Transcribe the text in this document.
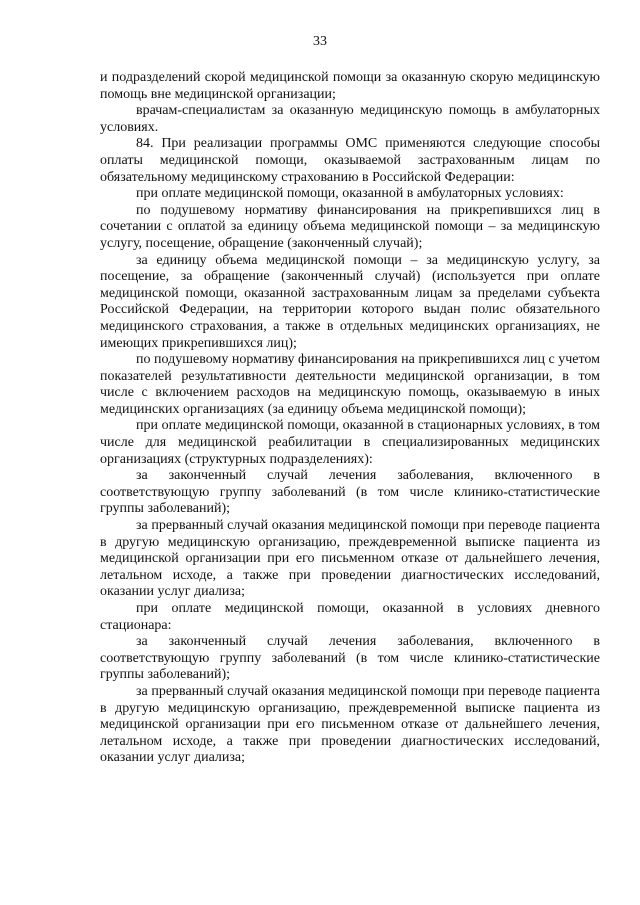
33

и подразделений скорой медицинской помощи за оказанную скорую медицинскую помощь вне медицинской организации;

врачам-специалистам за оказанную медицинскую помощь в амбулаторных условиях.

84. При реализации программы ОМС применяются следующие способы оплаты медицинской помощи, оказываемой застрахованным лицам по обязательному медицинскому страхованию в Российской Федерации:

при оплате медицинской помощи, оказанной в амбулаторных условиях:

по подушевому нормативу финансирования на прикрепившихся лиц в сочетании с оплатой за единицу объема медицинской помощи – за медицинскую услугу, посещение, обращение (законченный случай);

за единицу объема медицинской помощи – за медицинскую услугу, за посещение, за обращение (законченный случай) (используется при оплате медицинской помощи, оказанной застрахованным лицам за пределами субъекта Российской Федерации, на территории которого выдан полис обязательного медицинского страхования, а также в отдельных медицинских организациях, не имеющих прикрепившихся лиц);

по подушевому нормативу финансирования на прикрепившихся лиц с учетом показателей результативности деятельности медицинской организации, в том числе с включением расходов на медицинскую помощь, оказываемую в иных медицинских организациях (за единицу объема медицинской помощи);

при оплате медицинской помощи, оказанной в стационарных условиях, в том числе для медицинской реабилитации в специализированных медицинских организациях (структурных подразделениях):

за законченный случай лечения заболевания, включенного в соответствующую группу заболеваний (в том числе клинико-статистические группы заболеваний);

за прерванный случай оказания медицинской помощи при переводе пациента в другую медицинскую организацию, преждевременной выписке пациента из медицинской организации при его письменном отказе от дальнейшего лечения, летальном исходе, а также при проведении диагностических исследований, оказании услуг диализа;

при оплате медицинской помощи, оказанной в условиях дневного стационара:

за законченный случай лечения заболевания, включенного в соответствующую группу заболеваний (в том числе клинико-статистические группы заболеваний);

за прерванный случай оказания медицинской помощи при переводе пациента в другую медицинскую организацию, преждевременной выписке пациента из медицинской организации при его письменном отказе от дальнейшего лечения, летальном исходе, а также при проведении диагностических исследований, оказании услуг диализа;
